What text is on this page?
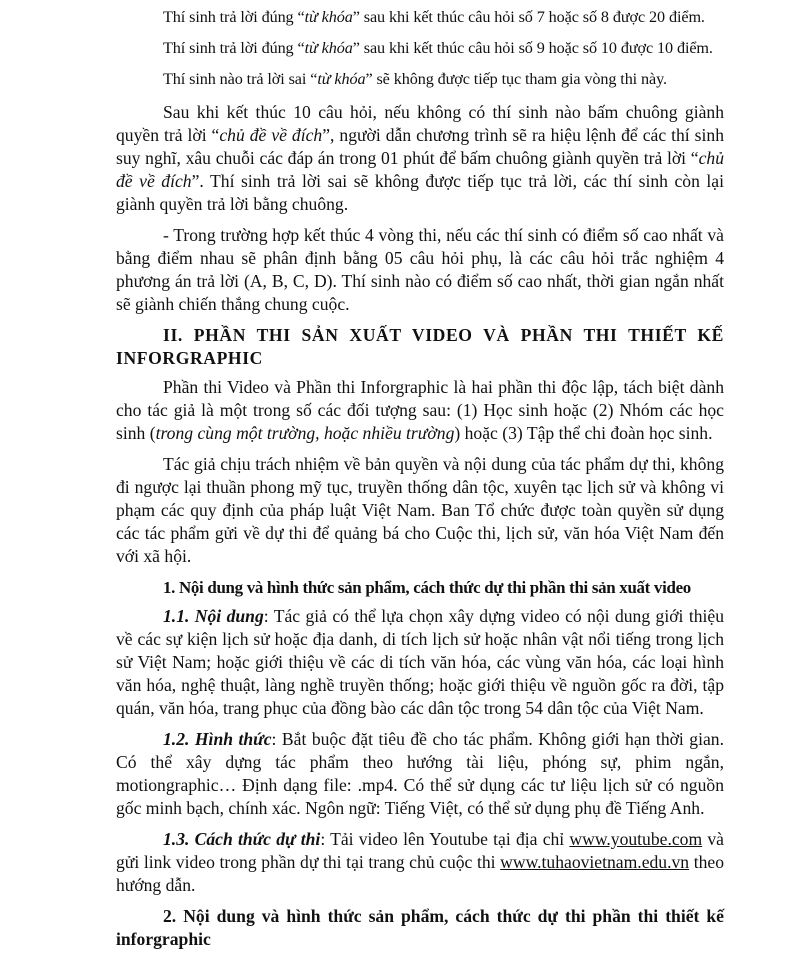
Thí sinh trả lời đúng “từ khóa” sau khi kết thúc câu hỏi số 7 hoặc số 8 được 20 điểm.

Thí sinh trả lời đúng “từ khóa” sau khi kết thúc câu hỏi số 9 hoặc số 10 được 10 điểm.

Thí sinh nào trả lời sai “từ khóa” sẽ không được tiếp tục tham gia vòng thi này.

Sau khi kết thúc 10 câu hỏi, nếu không có thí sinh nào bấm chuông giành quyền trả lời “chủ đề về đích”, người dẫn chương trình sẽ ra hiệu lệnh để các thí sinh suy nghĩ, xâu chuỗi các đáp án trong 01 phút để bấm chuông giành quyền trả lời “chủ đề về đích”. Thí sinh trả lời sai sẽ không được tiếp tục trả lời, các thí sinh còn lại giành quyền trả lời bằng chuông.

- Trong trường hợp kết thúc 4 vòng thi, nếu các thí sinh có điểm số cao nhất và bằng điểm nhau sẽ phân định bằng 05 câu hỏi phụ, là các câu hỏi trắc nghiệm 4 phương án trả lời (A, B, C, D). Thí sinh nào có điểm số cao nhất, thời gian ngắn nhất sẽ giành chiến thắng chung cuộc.

II. PHẦN THI SẢN XUẤT VIDEO VÀ PHẦN THI THIẾT KẾ INFORGRAPHIC

Phần thi Video và Phần thi Inforgraphic là hai phần thi độc lập, tách biệt dành cho tác giả là một trong số các đối tượng sau: (1) Học sinh hoặc (2) Nhóm các học sinh (trong cùng một trường, hoặc nhiều trường) hoặc (3) Tập thể chi đoàn học sinh.

Tác giả chịu trách nhiệm về bản quyền và nội dung của tác phẩm dự thi, không đi ngược lại thuần phong mỹ tục, truyền thống dân tộc, xuyên tạc lịch sử và không vi phạm các quy định của pháp luật Việt Nam. Ban Tổ chức được toàn quyền sử dụng các tác phẩm gửi về dự thi để quảng bá cho Cuộc thi, lịch sử, văn hóa Việt Nam đến với xã hội.

1. Nội dung và hình thức sản phẩm, cách thức dự thi phần thi sản xuất video

1.1. Nội dung: Tác giả có thể lựa chọn xây dựng video có nội dung giới thiệu về các sự kiện lịch sử hoặc địa danh, di tích lịch sử hoặc nhân vật nổi tiếng trong lịch sử Việt Nam; hoặc giới thiệu về các di tích văn hóa, các vùng văn hóa, các loại hình văn hóa, nghệ thuật, làng nghề truyền thống; hoặc giới thiệu về nguồn gốc ra đời, tập quán, văn hóa, trang phục của đồng bào các dân tộc trong 54 dân tộc của Việt Nam.

1.2. Hình thức: Bắt buộc đặt tiêu đề cho tác phẩm. Không giới hạn thời gian. Có thể xây dựng tác phẩm theo hướng tài liệu, phóng sự, phim ngắn, motiongraphic… Định dạng file: .mp4. Có thể sử dụng các tư liệu lịch sử có nguồn gốc minh bạch, chính xác. Ngôn ngữ: Tiếng Việt, có thể sử dụng phụ đề Tiếng Anh.

1.3. Cách thức dự thi: Tải video lên Youtube tại địa chỉ www.youtube.com và gửi link video trong phần dự thi tại trang chủ cuộc thi www.tuhaovietnam.edu.vn theo hướng dẫn.

2. Nội dung và hình thức sản phẩm, cách thức dự thi phần thi thiết kế inforgraphic
